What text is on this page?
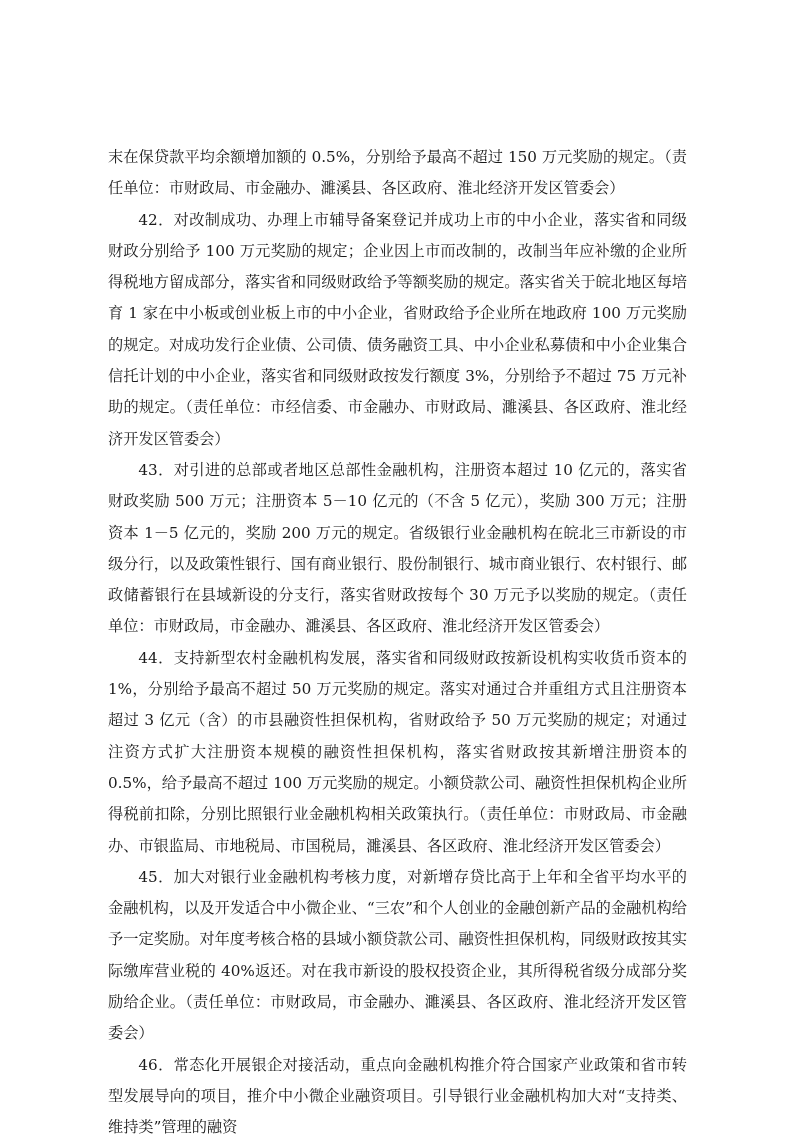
末在保贷款平均余额增加额的 0.5%，分别给予最高不超过 150 万元奖励的规定。（责任单位：市财政局、市金融办、濉溪县、各区政府、淮北经济开发区管委会）

42．对改制成功、办理上市辅导备案登记并成功上市的中小企业，落实省和同级财政分别给予 100 万元奖励的规定；企业因上市而改制的，改制当年应补缴的企业所得税地方留成部分，落实省和同级财政给予等额奖励的规定。落实省关于皖北地区每培育 1 家在中小板或创业板上市的中小企业，省财政给予企业所在地政府 100 万元奖励的规定。对成功发行企业债、公司债、债务融资工具、中小企业私募债和中小企业集合信托计划的中小企业，落实省和同级财政按发行额度 3%，分别给予不超过 75 万元补助的规定。（责任单位：市经信委、市金融办、市财政局、濉溪县、各区政府、淮北经济开发区管委会）

43．对引进的总部或者地区总部性金融机构，注册资本超过 10 亿元的，落实省财政奖励 500 万元；注册资本 5－10 亿元的（不含 5 亿元），奖励 300 万元；注册资本 1－5 亿元的，奖励 200 万元的规定。省级银行业金融机构在皖北三市新设的市级分行，以及政策性银行、国有商业银行、股份制银行、城市商业银行、农村银行、邮政储蓄银行在县域新设的分支行，落实省财政按每个 30 万元予以奖励的规定。（责任单位：市财政局，市金融办、濉溪县、各区政府、淮北经济开发区管委会）

44．支持新型农村金融机构发展，落实省和同级财政按新设机构实收货币资本的 1%，分别给予最高不超过 50 万元奖励的规定。落实对通过合并重组方式且注册资本超过 3 亿元（含）的市县融资性担保机构，省财政给予 50 万元奖励的规定；对通过注资方式扩大注册资本规模的融资性担保机构，落实省财政按其新增注册资本的 0.5%，给予最高不超过 100 万元奖励的规定。小额贷款公司、融资性担保机构企业所得税前扣除，分别比照银行业金融机构相关政策执行。（责任单位：市财政局、市金融办、市银监局、市地税局、市国税局，濉溪县、各区政府、淮北经济开发区管委会）

45．加大对银行业金融机构考核力度，对新增存贷比高于上年和全省平均水平的金融机构，以及开发适合中小微企业、“三农”和个人创业的金融创新产品的金融机构给予一定奖励。对年度考核合格的县域小额贷款公司、融资性担保机构，同级财政按其实际缴库营业税的 40%返还。对在我市新设的股权投资企业，其所得税省级分成部分奖励给企业。（责任单位：市财政局，市金融办、濉溪县、各区政府、淮北经济开发区管委会）

46．常态化开展银企对接活动，重点向金融机构推介符合国家产业政策和省市转型发展导向的项目，推介中小微企业融资项目。引导银行业金融机构加大对“支持类、维持类”管理的融资
